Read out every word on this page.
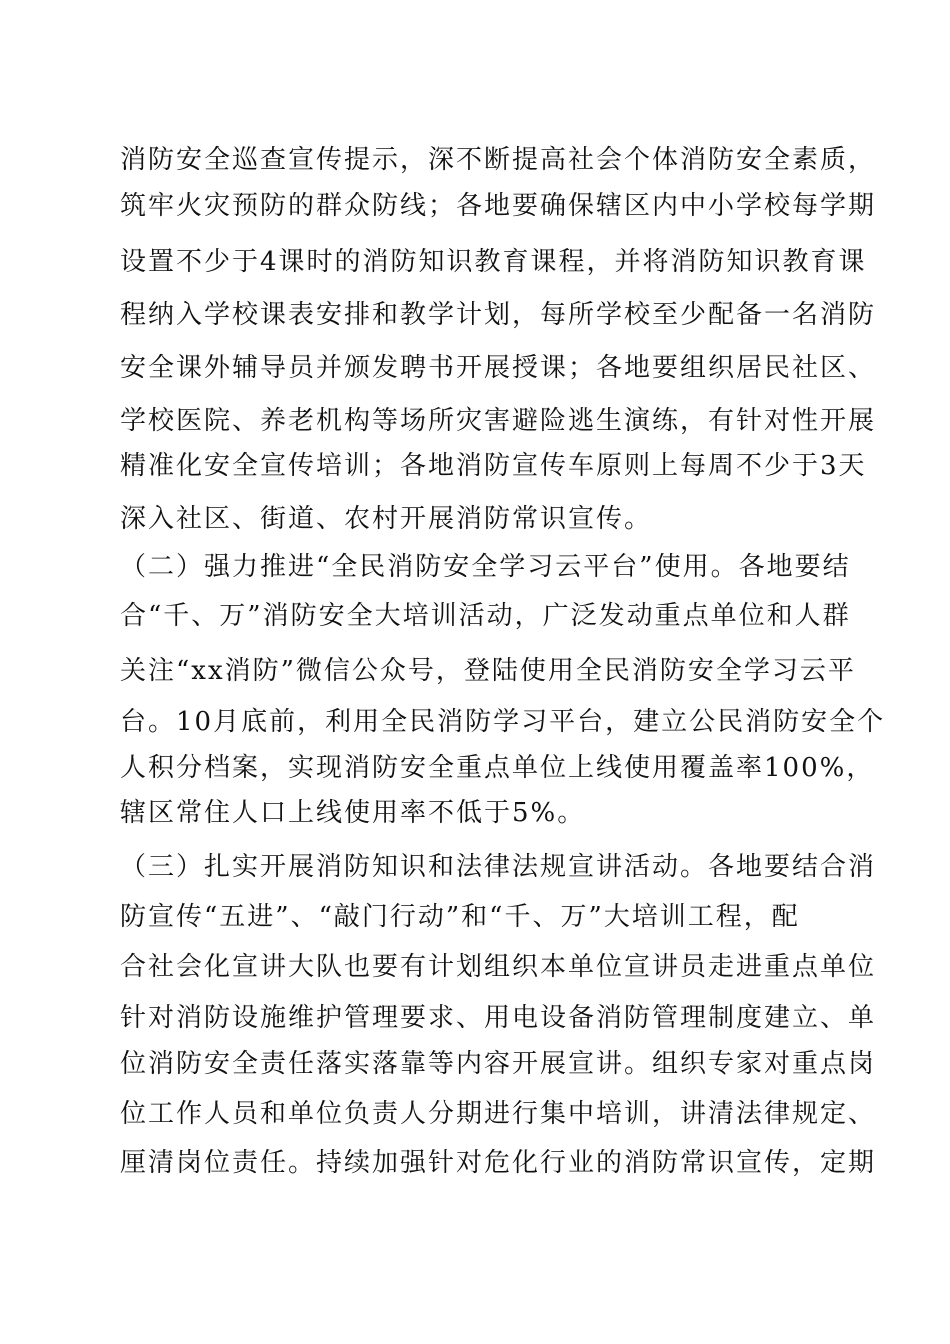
消防安全巡查宣传提示，深不断提高社会个体消防安全素质，
筑牢火灾预防的群众防线；各地要确保辖区内中小学校每学期
设置不少于4课时的消防知识教育课程，并将消防知识教育课
程纳入学校课表安排和教学计划，每所学校至少配备一名消防
安全课外辅导员并颁发聘书开展授课；各地要组织居民社区、
学校医院、养老机构等场所灾害避险逃生演练，有针对性开展
精准化安全宣传培训；各地消防宣传车原则上每周不少于3天
深入社区、街道、农村开展消防常识宣传。
（二）强力推进“全民消防安全学习云平台”使用。各地要结
合“千、万”消防安全大培训活动，广泛发动重点单位和人群
关注“xx消防”微信公众号，登陆使用全民消防安全学习云平
台。10月底前，利用全民消防学习平台，建立公民消防安全个
人积分档案，实现消防安全重点单位上线使用覆盖率100%，
辖区常住人口上线使用率不低于5%。
（三）扎实开展消防知识和法律法规宣讲活动。各地要结合消
防宣传“五进”、“敲门行动”和“千、万”大培训工程，配
合社会化宣讲大队也要有计划组织本单位宣讲员走进重点单位
针对消防设施维护管理要求、用电设备消防管理制度建立、单
位消防安全责任落实落靠等内容开展宣讲。组织专家对重点岗
位工作人员和单位负责人分期进行集中培训，讲清法律规定、
厘清岗位责任。持续加强针对危化行业的消防常识宣传，定期
